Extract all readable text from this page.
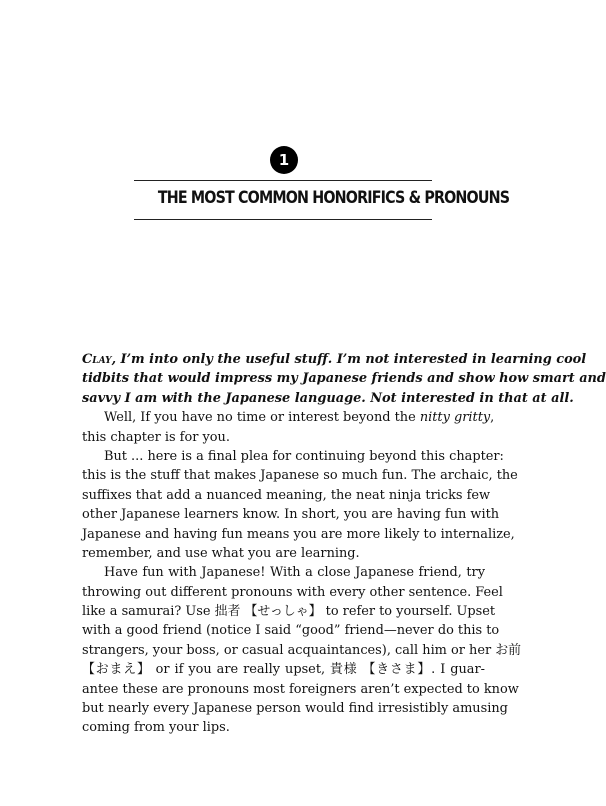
1
THE MOST COMMON HONORIFICS & PRONOUNS
Clay, I’m into only the useful stuff. I’m not interested in learning cool
tidbits that would impress my Japanese friends and show how smart and
savvy I am with the Japanese language. Not interested in that at all.
Well, If you have no time or interest beyond the nitty gritty,
this chapter is for you.
But ... here is a final plea for continuing beyond this chapter:
this is the stuff that makes Japanese so much fun. The archaic, the
suffixes that add a nuanced meaning, the neat ninja tricks few
other Japanese learners know. In short, you are having fun with
Japanese and having fun means you are more likely to internalize,
remember, and use what you are learning.
Have fun with Japanese! With a close Japanese friend, try
throwing out different pronouns with every other sentence. Feel
like a samurai? Use 拙者 【せっしゃ】 to refer to yourself. Upset
with a good friend (notice I said “good” friend—never do this to
strangers, your boss, or casual acquaintances), call him or her お前
【おまえ】 or if you are really upset, 貴様 【きさま】. I guar-
antee these are pronouns most foreigners aren’t expected to know
but nearly every Japanese person would find irresistibly amusing
coming from your lips.
